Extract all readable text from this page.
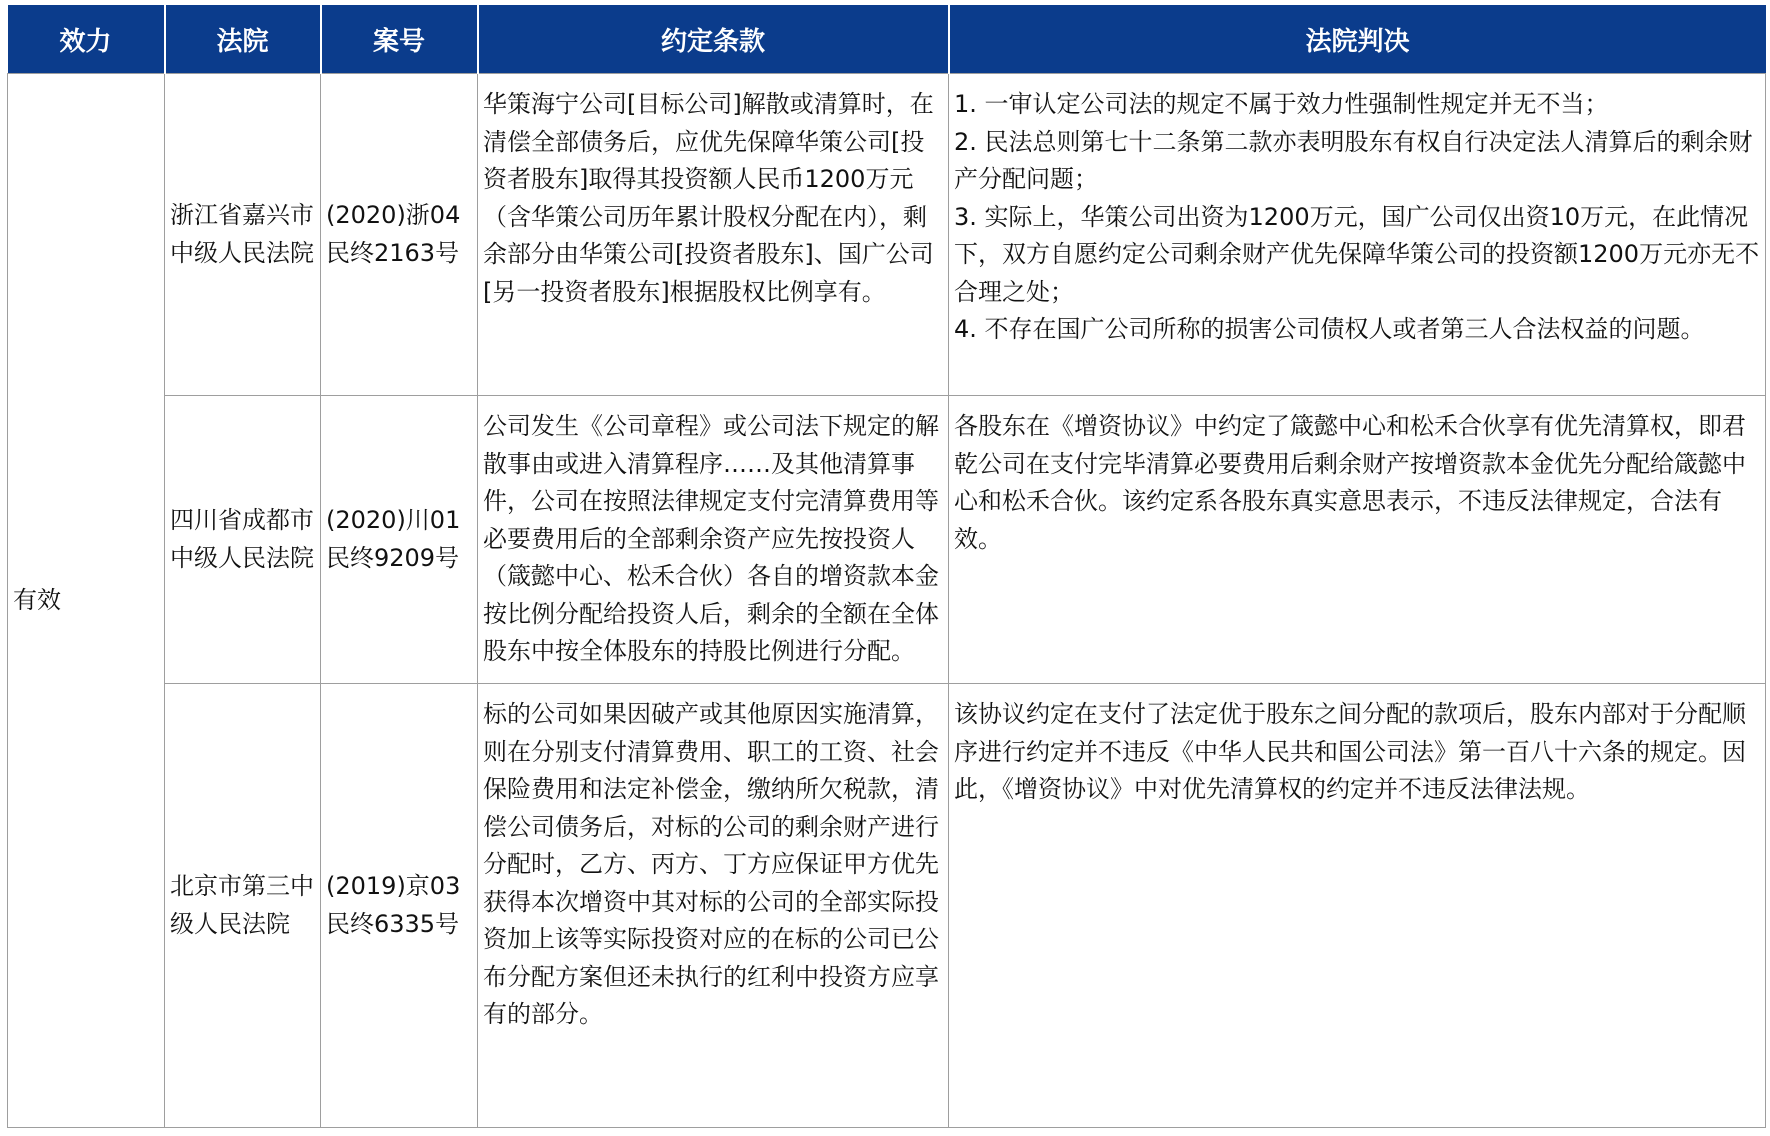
效力	法院	案号	约定条款	法院判决
有效	浙江省嘉兴市中级人民法院	(2020)浙04民终2163号	华策海宁公司[目标公司]解散或清算时，在清偿全部债务后，应优先保障华策公司[投资者股东]取得其投资额人民币1200万元（含华策公司历年累计股权分配在内），剩余部分由华策公司[投资者股东]、国广公司[另一投资者股东]根据股权比例享有。	1. 一审认定公司法的规定不属于效力性强制性规定并无不当；
2. 民法总则第七十二条第二款亦表明股东有权自行决定法人清算后的剩余财产分配问题；
3. 实际上，华策公司出资为1200万元，国广公司仅出资10万元，在此情况下，双方自愿约定公司剩余财产优先保障华策公司的投资额1200万元亦无不合理之处；
4. 不存在国广公司所称的损害公司债权人或者第三人合法权益的问题。

	四川省成都市中级人民法院	(2020)川01民终9209号	公司发生《公司章程》或公司法下规定的解散事由或进入清算程序……及其他清算事件，公司在按照法律规定支付完清算费用等必要费用后的全部剩余资产应先按投资人（箴懿中心、松禾合伙）各自的增资款本金按比例分配给投资人后，剩余的全额在全体股东中按全体股东的持股比例进行分配。	各股东在《增资协议》中约定了箴懿中心和松禾合伙享有优先清算权，即君乾公司在支付完毕清算必要费用后剩余财产按增资款本金优先分配给箴懿中心和松禾合伙。该约定系各股东真实意思表示，不违反法律规定，合法有效。

	北京市第三中级人民法院	(2019)京03民终6335号	标的公司如果因破产或其他原因实施清算，则在分别支付清算费用、职工的工资、社会保险费用和法定补偿金，缴纳所欠税款，清偿公司债务后，对标的公司的剩余财产进行分配时，乙方、丙方、丁方应保证甲方优先获得本次增资中其对标的公司的全部实际投资加上该等实际投资对应的在标的公司已公布分配方案但还未执行的红利中投资方应享有的部分。	该协议约定在支付了法定优于股东之间分配的款项后，股东内部对于分配顺序进行约定并不违反《中华人民共和国公司法》第一百八十六条的规定。因此，《增资协议》中对优先清算权的约定并不违反法律法规。
